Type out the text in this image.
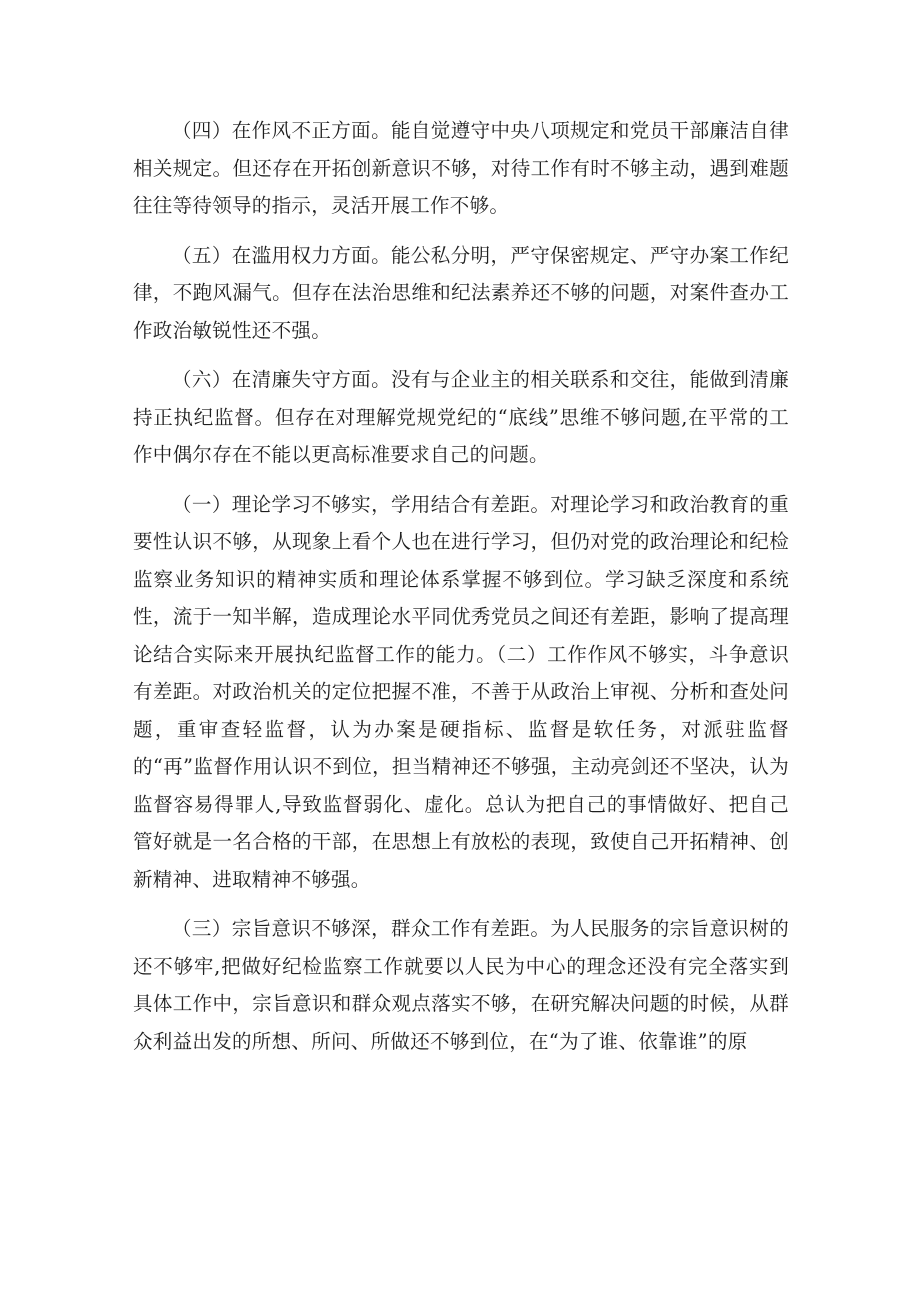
（四）在作风不正方面。能自觉遵守中央八项规定和党员干部廉洁自律相关规定。但还存在开拓创新意识不够，对待工作有时不够主动，遇到难题往往等待领导的指示，灵活开展工作不够。

（五）在滥用权力方面。能公私分明，严守保密规定、严守办案工作纪律，不跑风漏气。但存在法治思维和纪法素养还不够的问题，对案件查办工作政治敏锐性还不强。

（六）在清廉失守方面。没有与企业主的相关联系和交往，能做到清廉持正执纪监督。但存在对理解党规党纪的“底线”思维不够问题,在平常的工作中偶尔存在不能以更高标准要求自己的问题。

（一）理论学习不够实，学用结合有差距。对理论学习和政治教育的重要性认识不够，从现象上看个人也在进行学习，但仍对党的政治理论和纪检监察业务知识的精神实质和理论体系掌握不够到位。学习缺乏深度和系统性，流于一知半解，造成理论水平同优秀党员之间还有差距，影响了提高理论结合实际来开展执纪监督工作的能力。（二）工作作风不够实，斗争意识有差距。对政治机关的定位把握不准，不善于从政治上审视、分析和查处问题，重审查轻监督，认为办案是硬指标、监督是软任务，对派驻监督的“再”监督作用认识不到位，担当精神还不够强，主动亮剑还不坚决，认为监督容易得罪人,导致监督弱化、虚化。总认为把自己的事情做好、把自己管好就是一名合格的干部，在思想上有放松的表现，致使自己开拓精神、创新精神、进取精神不够强。

（三）宗旨意识不够深，群众工作有差距。为人民服务的宗旨意识树的还不够牢,把做好纪检监察工作就要以人民为中心的理念还没有完全落实到具体工作中，宗旨意识和群众观点落实不够，在研究解决问题的时候，从群众利益出发的所想、所问、所做还不够到位，在“为了谁、依靠谁”的原
